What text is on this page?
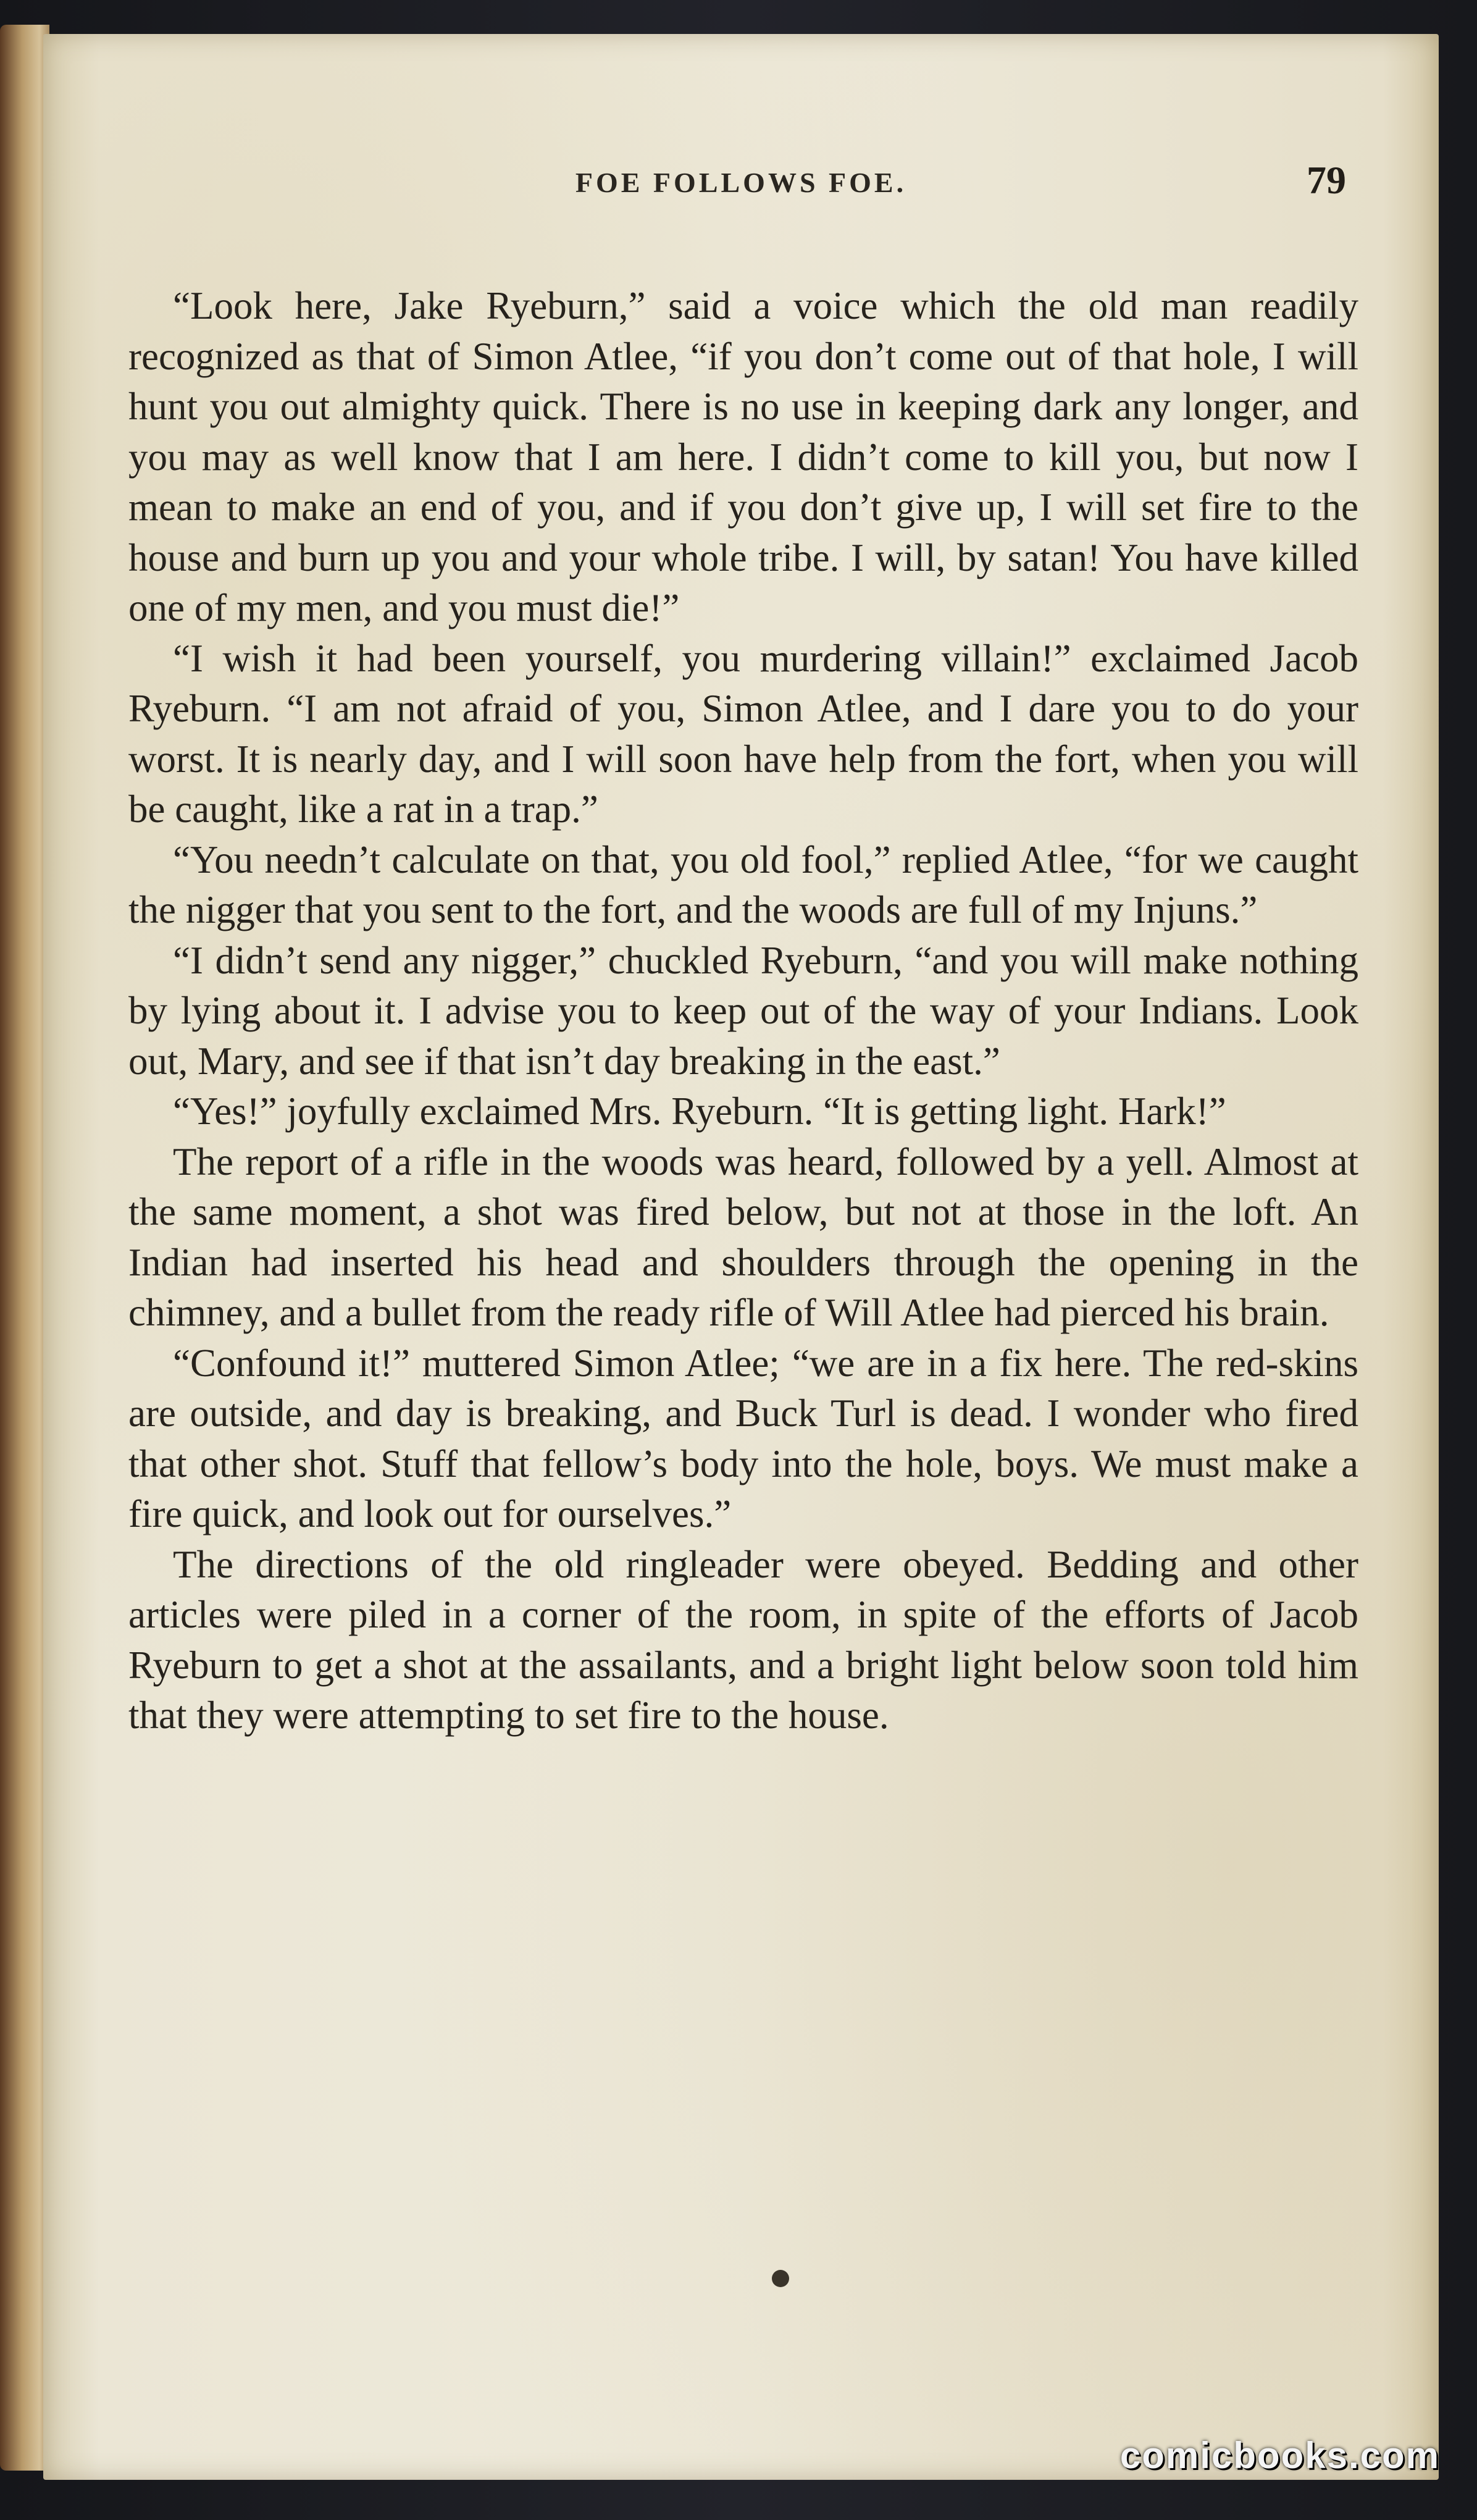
FOE FOLLOWS FOE.	79

“Look here, Jake Ryeburn,” said a voice which the old man readily recognized as that of Simon Atlee, “if you don’t come out of that hole, I will hunt you out almighty quick. There is no use in keeping dark any longer, and you may as well know that I am here. I didn’t come to kill you, but now I mean to make an end of you, and if you don’t give up, I will set fire to the house and burn up you and your whole tribe. I will, by satan! You have killed one of my men, and you must die!”

“I wish it had been yourself, you murdering villain!” exclaimed Jacob Ryeburn. “I am not afraid of you, Simon Atlee, and I dare you to do your worst. It is nearly day, and I will soon have help from the fort, when you will be caught, like a rat in a trap.”

“You needn’t calculate on that, you old fool,” replied Atlee, “for we caught the nigger that you sent to the fort, and the woods are full of my Injuns.”

“I didn’t send any nigger,” chuckled Ryeburn, “and you will make nothing by lying about it. I advise you to keep out of the way of your Indians. Look out, Mary, and see if that isn’t day breaking in the east.”

“Yes!” joyfully exclaimed Mrs. Ryeburn. “It is getting light. Hark!”

The report of a rifle in the woods was heard, followed by a yell. Almost at the same moment, a shot was fired below, but not at those in the loft. An Indian had inserted his head and shoulders through the opening in the chimney, and a bullet from the ready rifle of Will Atlee had pierced his brain.

“Confound it!” muttered Simon Atlee; “we are in a fix here. The red-skins are outside, and day is breaking, and Buck Turl is dead. I wonder who fired that other shot. Stuff that fellow’s body into the hole, boys. We must make a fire quick, and look out for ourselves.”

The directions of the old ringleader were obeyed. Bedding and other articles were piled in a corner of the room, in spite of the efforts of Jacob Ryeburn to get a shot at the assailants, and a bright light below soon told him that they were attempting to set fire to the house.

comicbooks.com
